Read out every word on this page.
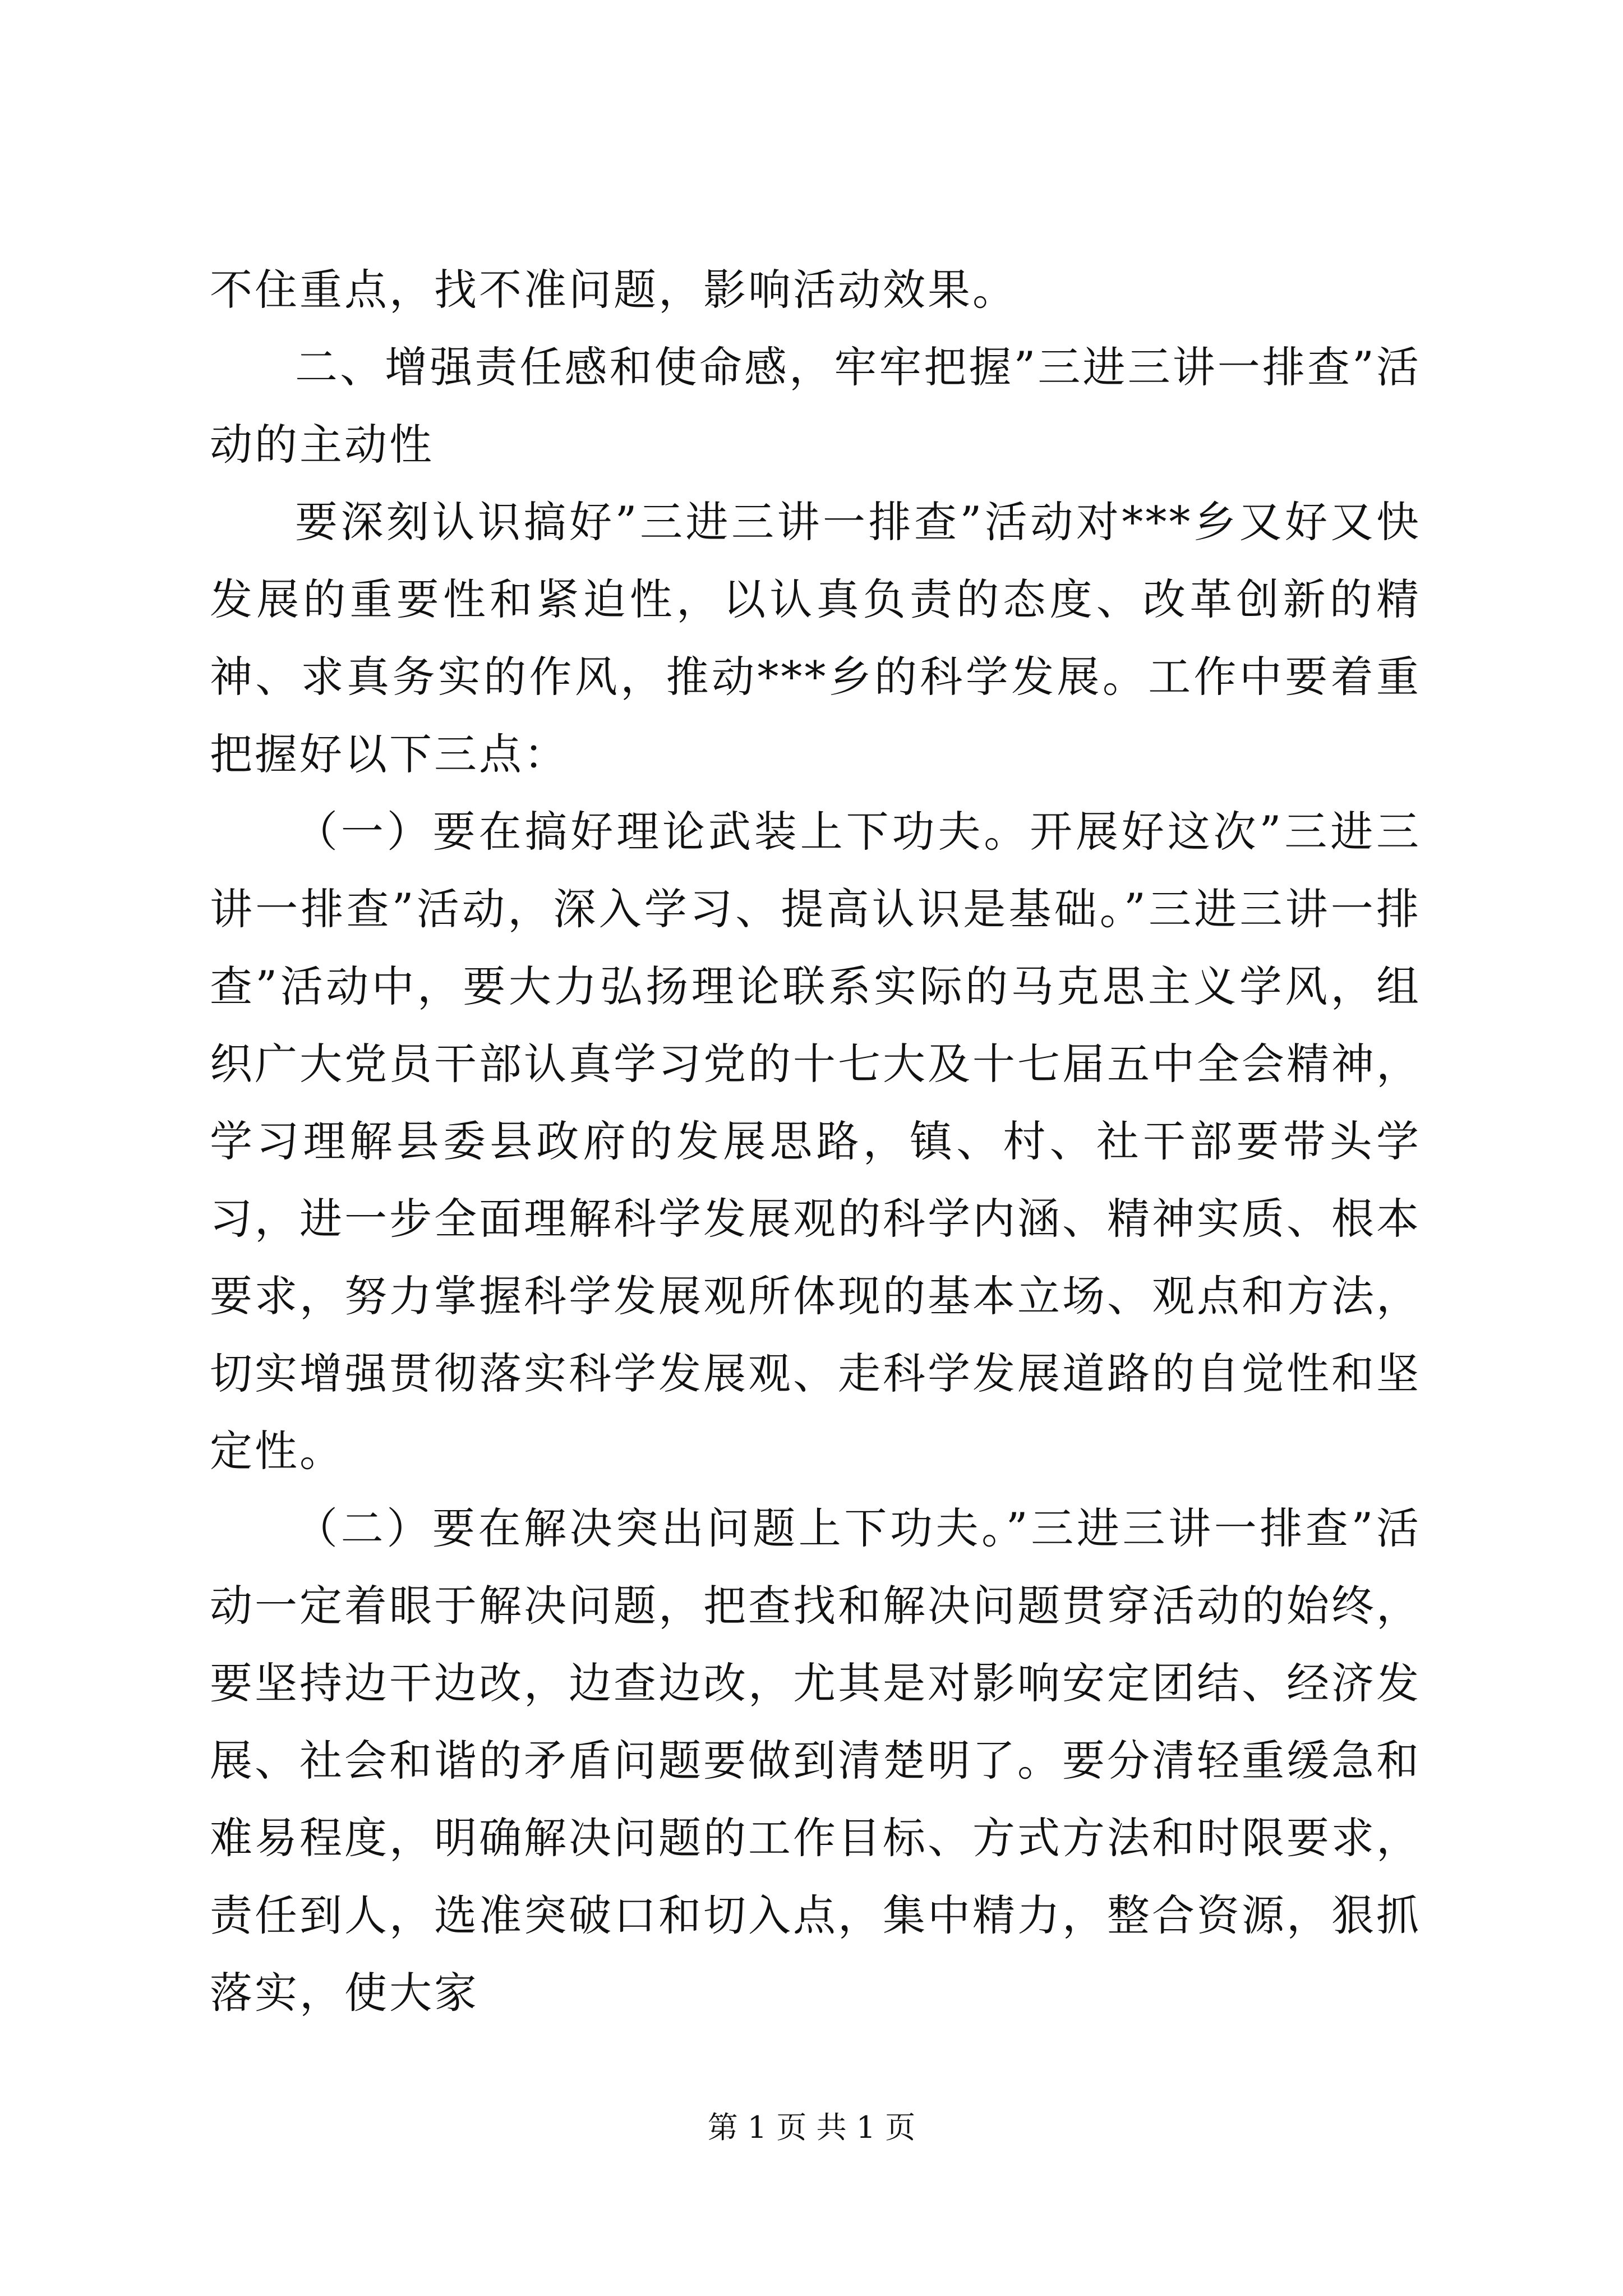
不住重点，找不准问题，影响活动效果。

二、增强责任感和使命感，牢牢把握”三进三讲一排查”活动的主动性

要深刻认识搞好”三进三讲一排查”活动对***乡又好又快发展的重要性和紧迫性，以认真负责的态度、改革创新的精神、求真务实的作风，推动***乡的科学发展。工作中要着重把握好以下三点：

（一）要在搞好理论武装上下功夫。开展好这次”三进三讲一排查”活动，深入学习、提高认识是基础。”三进三讲一排查”活动中，要大力弘扬理论联系实际的马克思主义学风，组织广大党员干部认真学习党的十七大及十七届五中全会精神，学习理解县委县政府的发展思路，镇、村、社干部要带头学习，进一步全面理解科学发展观的科学内涵、精神实质、根本要求，努力掌握科学发展观所体现的基本立场、观点和方法，切实增强贯彻落实科学发展观、走科学发展道路的自觉性和坚定性。

（二）要在解决突出问题上下功夫。”三进三讲一排查”活动一定着眼于解决问题，把查找和解决问题贯穿活动的始终，要坚持边干边改，边查边改，尤其是对影响安定团结、经济发展、社会和谐的矛盾问题要做到清楚明了。要分清轻重缓急和难易程度，明确解决问题的工作目标、方式方法和时限要求，责任到人，选准突破口和切入点，集中精力，整合资源，狠抓落实，使大家

第 1 页 共 1 页
